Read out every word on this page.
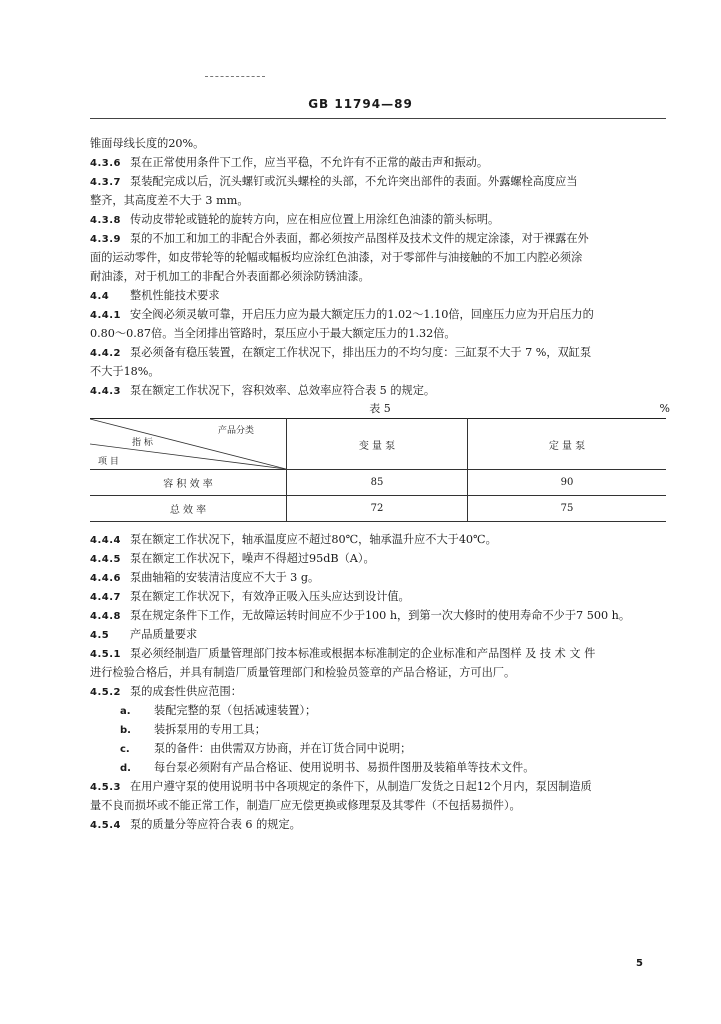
GB 11794—89
锥面母线长度的20%。
4.3.6 泵在正常使用条件下工作，应当平稳，不允许有不正常的敲击声和振动。
4.3.7 泵装配完成以后，沉头螺钉或沉头螺栓的头部，不允许突出部件的表面。外露螺栓高度应当
整齐，其高度差不大于 3 mm。
4.3.8 传动皮带轮或链轮的旋转方向，应在相应位置上用涂红色油漆的箭头标明。
4.3.9 泵的不加工和加工的非配合外表面，都必须按产品图样及技术文件的规定涂漆，对于裸露在外
面的运动零件，如皮带轮等的轮幅或幅板均应涂红色油漆，对于零部件与油接触的不加工内腔必须涂
耐油漆，对于机加工的非配合外表面都必须涂防锈油漆。
4.4 整机性能技术要求
4.4.1 安全阀必须灵敏可靠，开启压力应为最大额定压力的1.02～1.10倍，回座压力应为开启压力的
0.80～0.87倍。当全闭排出管路时，泵压应小于最大额定压力的1.32倍。
4.4.2 泵必须备有稳压装置，在额定工作状况下，排出压力的不均匀度：三缸泵不大于 7 %，双缸泵
不大于18%。
4.4.3 泵在额定工作状况下，容积效率、总效率应符合表 5 的规定。
表 5	%
产品分类
指 标
项 目	变 量 泵	定 量 泵
容 积 效 率	85	90
总 效 率	72	75
4.4.4 泵在额定工作状况下，轴承温度应不超过80℃，轴承温升应不大于40℃。
4.4.5 泵在额定工作状况下，噪声不得超过95dB（A）。
4.4.6 泵曲轴箱的安装清洁度应不大于 3 g。
4.4.7 泵在额定工作状况下，有效净正吸入压头应达到设计值。
4.4.8 泵在规定条件下工作，无故障运转时间应不少于100 h，到第一次大修时的使用寿命不少于7 500 h。
4.5 产品质量要求
4.5.1 泵必须经制造厂质量管理部门按本标准或根据本标准制定的企业标准和产品图样 及 技 术 文 件
进行检验合格后，并具有制造厂质量管理部门和检验员签章的产品合格证，方可出厂。
4.5.2 泵的成套性供应范围：
a. 装配完整的泵（包括减速装置）；
b. 装拆泵用的专用工具；
c. 泵的备件：由供需双方协商，并在订货合同中说明；
d. 每台泵必须附有产品合格证、使用说明书、易损件图册及装箱单等技术文件。
4.5.3 在用户遵守泵的使用说明书中各项规定的条件下，从制造厂发货之日起12个月内，泵因制造质
量不良而损坏或不能正常工作，制造厂应无偿更换或修理泵及其零件（不包括易损件）。
4.5.4 泵的质量分等应符合表 6 的规定。
5
